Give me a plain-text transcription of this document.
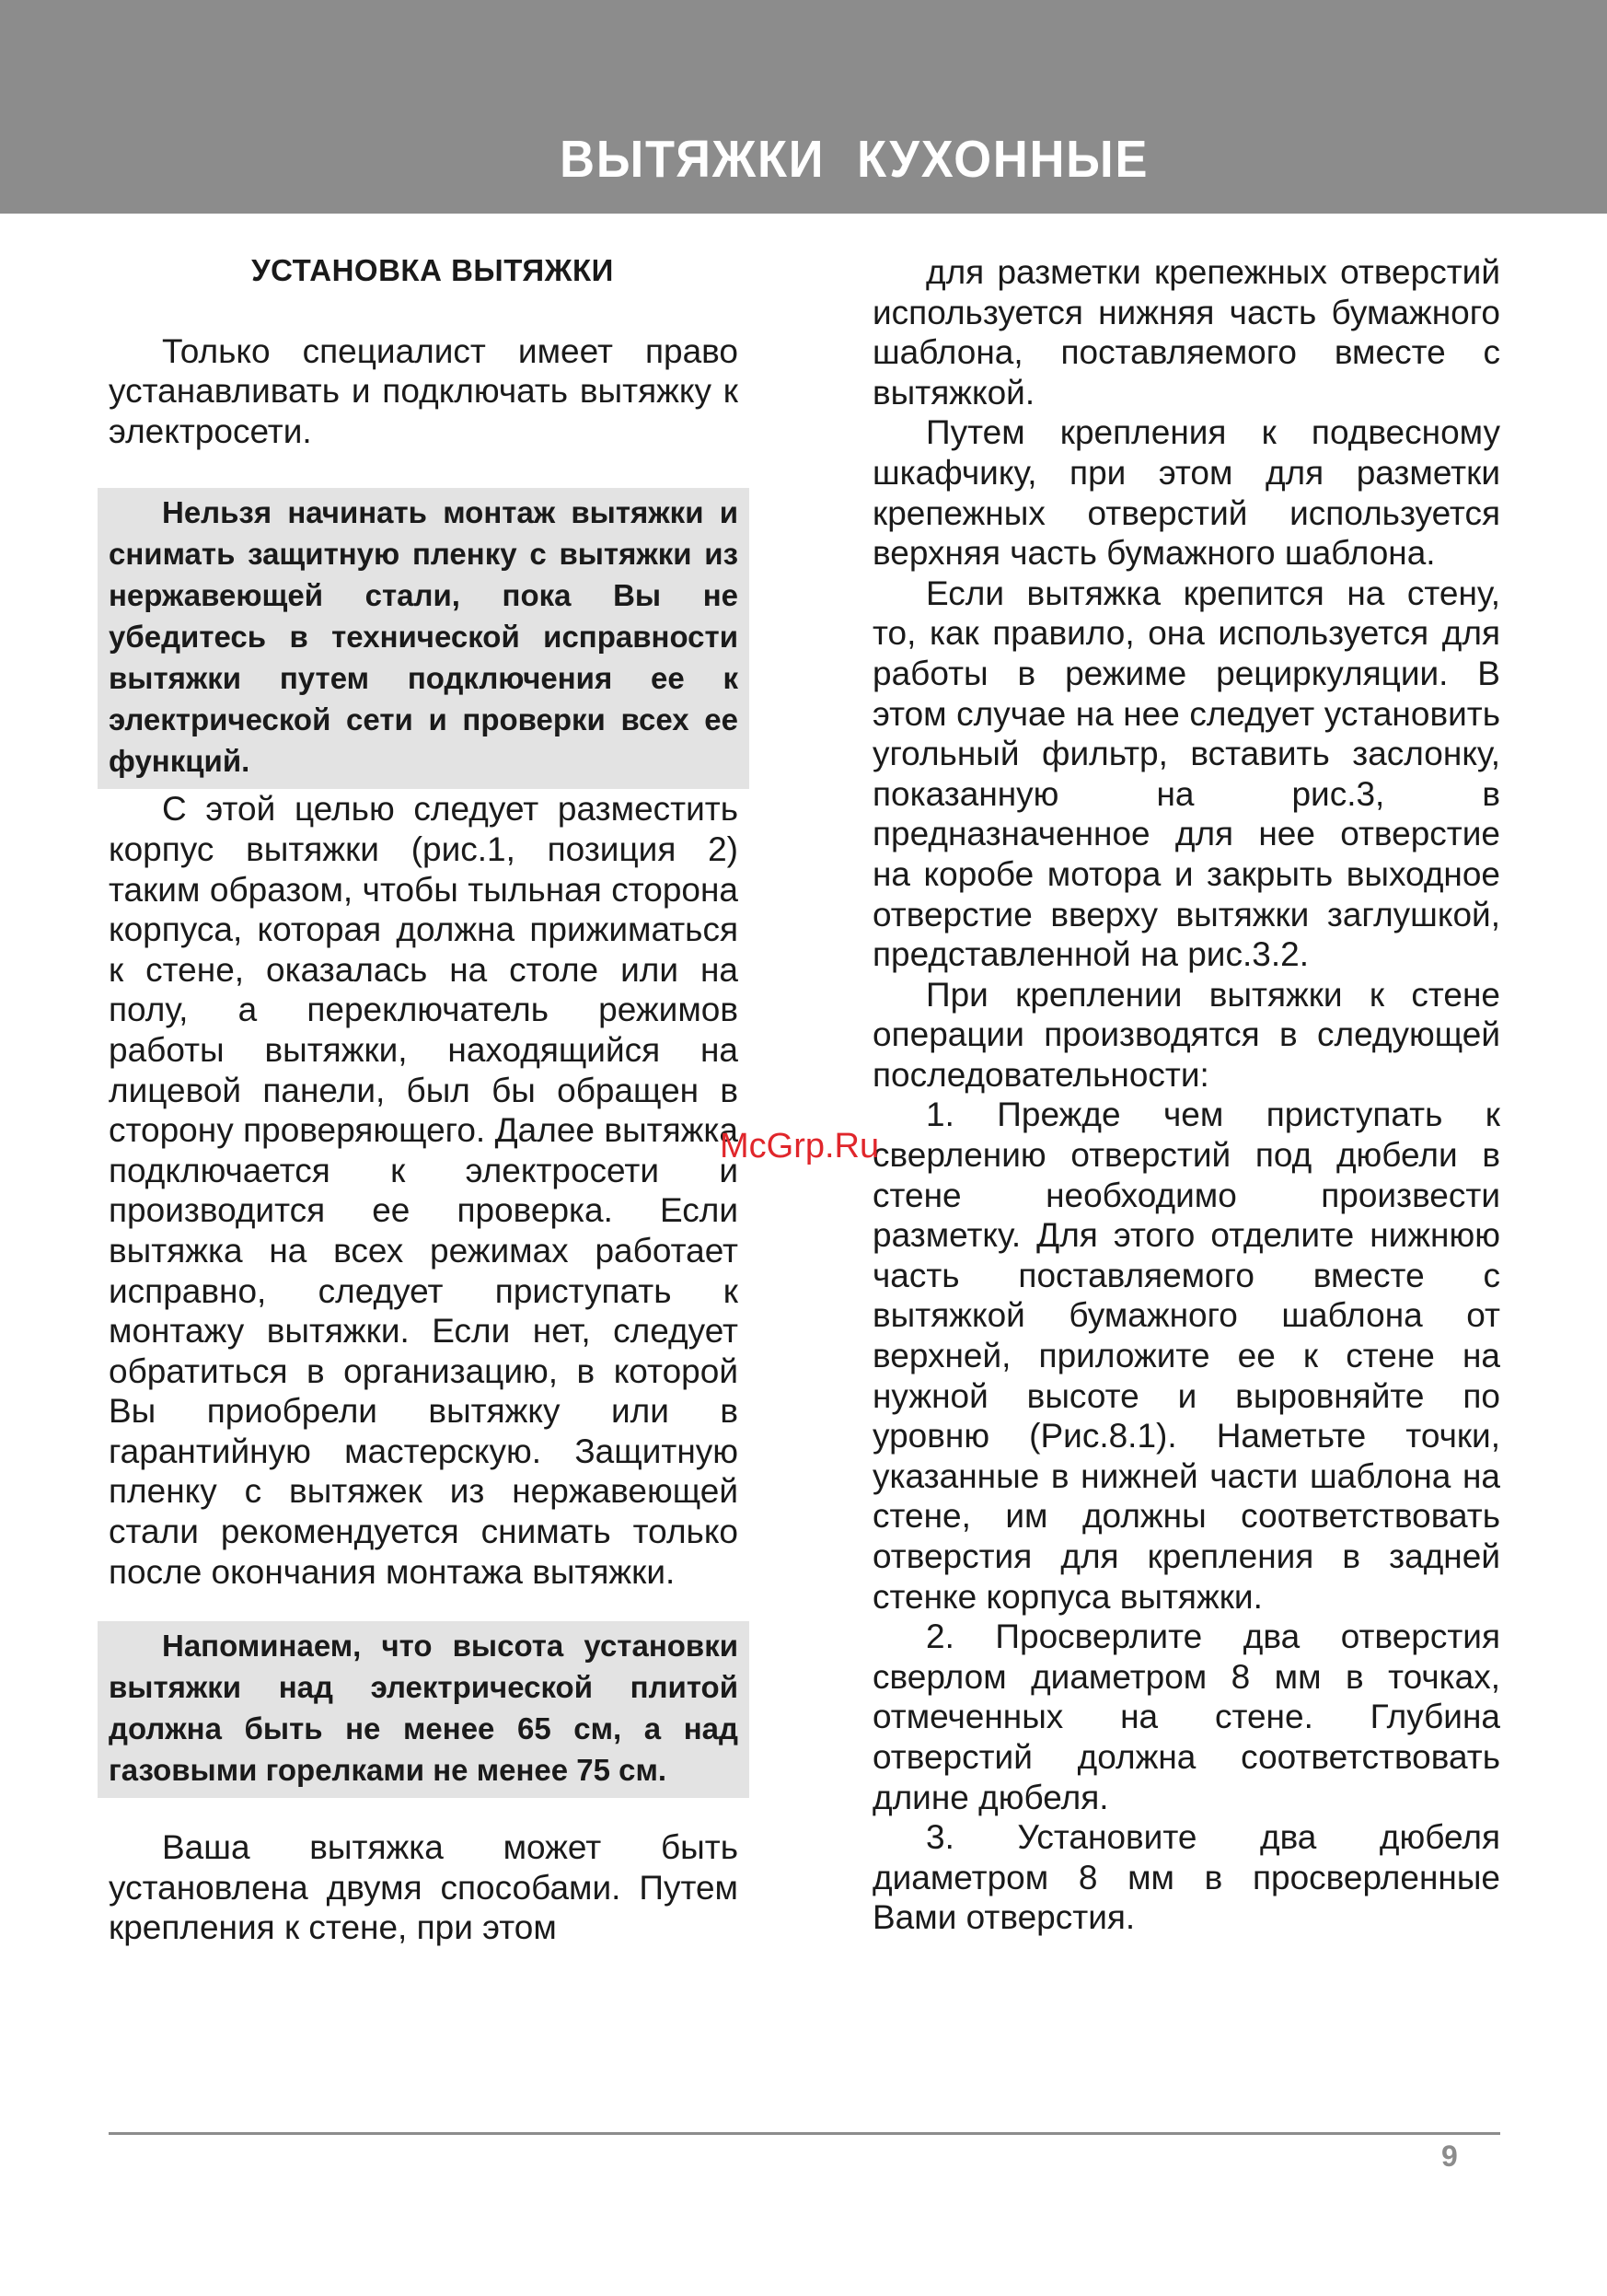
ВЫТЯЖКИ КУХОННЫЕ
УСТАНОВКА ВЫТЯЖКИ

Только специалист имеет право устанавливать и подключать вытяжку к электросети.

Нельзя начинать монтаж вытяжки и снимать защитную пленку с вытяжки из нержавеющей стали, пока Вы не убедитесь в технической исправности вытяжки путем подключения ее к электрической сети и проверки всех ее функций.

С этой целью следует разместить корпус вытяжки (рис.1, позиция 2) таким образом, чтобы тыльная сторона корпуса, которая должна прижиматься к стене, оказалась на столе или на полу, а переключатель режимов работы вытяжки, находящийся на лицевой панели, был бы обращен в сторону проверяющего. Далее вытяжка подключается к электросети и производится ее проверка. Если вытяжка на всех режимах работает исправно, следует приступать к монтажу вытяжки. Если нет, следует обратиться в организацию, в которой Вы приобрели вытяжку или в гарантийную мастерскую. Защитную пленку с вытяжек из нержавеющей стали рекомендуется снимать только после окончания монтажа вытяжки.

Напоминаем, что высота установки вытяжки над электрической плитой должна быть не менее 65 см, а над газовыми горелками не менее 75 см.

Ваша вытяжка может быть установлена двумя способами. Путем крепления к стене, при этом

для разметки крепежных отверстий используется нижняя часть бумажного шаблона, поставляемого вместе с вытяжкой.

Путем крепления к подвесному шкафчику, при этом для разметки крепежных отверстий используется верхняя часть бумажного шаблона.

Если вытяжка крепится на стену, то, как правило, она используется для работы в режиме рециркуляции. В этом случае на нее следует установить угольный фильтр, вставить заслонку, показанную на рис.3, в предназначенное для нее отверстие на коробе мотора и закрыть выходное отверстие вверху вытяжки заглушкой, представленной на рис.3.2.

При креплении вытяжки к стене операции производятся в следующей последовательности:

1. Прежде чем приступать к сверлению отверстий под дюбели в стене необходимо произвести разметку. Для этого отделите нижнюю часть поставляемого вместе с вытяжкой бумажного шаблона от верхней, приложите ее к стене на нужной высоте и выровняйте по уровню (Рис.8.1). Наметьте точки, указанные в нижней части шаблона на стене, им должны соответствовать отверстия для крепления в задней стенке корпуса вытяжки.

2. Просверлите два отверстия сверлом диаметром 8 мм в точках, отмеченных на стене. Глубина отверстий должна соответствовать длине дюбеля.

3. Установите два дюбеля диаметром 8 мм в просверленные Вами отверстия.

McGrp.Ru
9
